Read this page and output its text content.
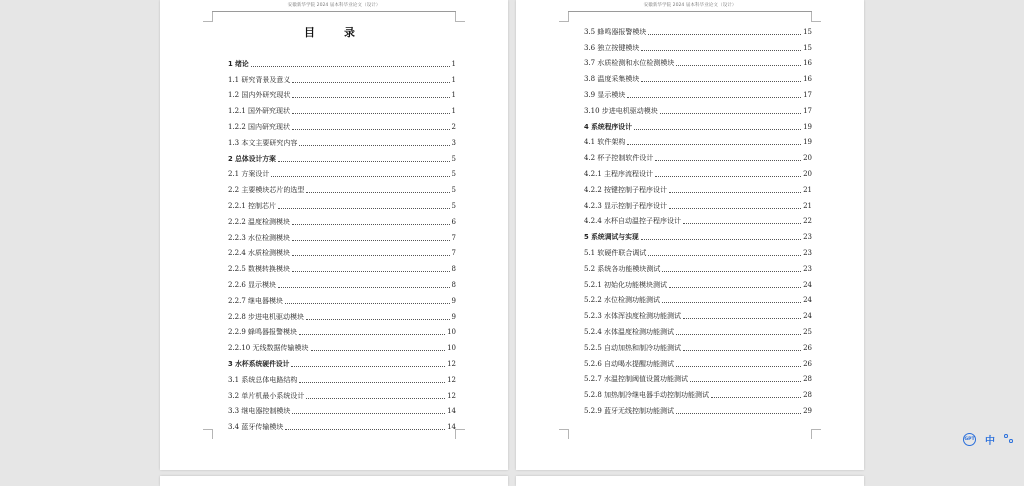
安徽新华学院 2024 届本科毕业论文（设计）
目　录
1 绪论	1
1.1 研究背景及意义	1
1.2 国内外研究现状	1
1.2.1 国外研究现状	1
1.2.2 国内研究现状	2
1.3 本文主要研究内容	3
2 总体设计方案	5
2.1 方案设计	5
2.2 主要模块芯片的选型	5
2.2.1 控制芯片	5
2.2.2 温度检测模块	6
2.2.3 水位检测模块	7
2.2.4 水质检测模块	7
2.2.5 数模转换模块	8
2.2.6 显示模块	8
2.2.7 继电器模块	9
2.2.8 步进电机驱动模块	9
2.2.9 蜂鸣器报警模块	10
2.2.10 无线数据传输模块	10
3 水杯系统硬件设计	12
3.1 系统总体电路结构	12
3.2 单片机最小系统设计	12
3.3 继电器控制模块	14
3.4 蓝牙传输模块	14
安徽新华学院 2024 届本科毕业论文（设计）
3.5 蜂鸣器报警模块	15
3.6 独立按键模块	15
3.7 水质检测和水位检测模块	16
3.8 温度采集模块	16
3.9 显示模块	17
3.10 步进电机驱动模块	17
4 系统程序设计	19
4.1 软件架构	19
4.2 杯子控制软件设计	20
4.2.1 主程序流程设计	20
4.2.2 按键控制子程序设计	21
4.2.3 显示控制子程序设计	21
4.2.4 水杯自动温控子程序设计	22
5 系统调试与实现	23
5.1 软硬件联合调试	23
5.2 系统各功能模块测试	23
5.2.1 初始化功能模块测试	24
5.2.2 水位检测功能测试	24
5.2.3 水体浑浊度检测功能测试	24
5.2.4 水体温度检测功能测试	25
5.2.5 自动加热和制冷功能测试	26
5.2.6 自动喝水提醒功能测试	26
5.2.7 水温控制阈值设置功能测试	28
5.2.8 加热制冷继电器手动控制功能测试	28
5.2.9 蓝牙无线控制功能测试	29
GPT 中
